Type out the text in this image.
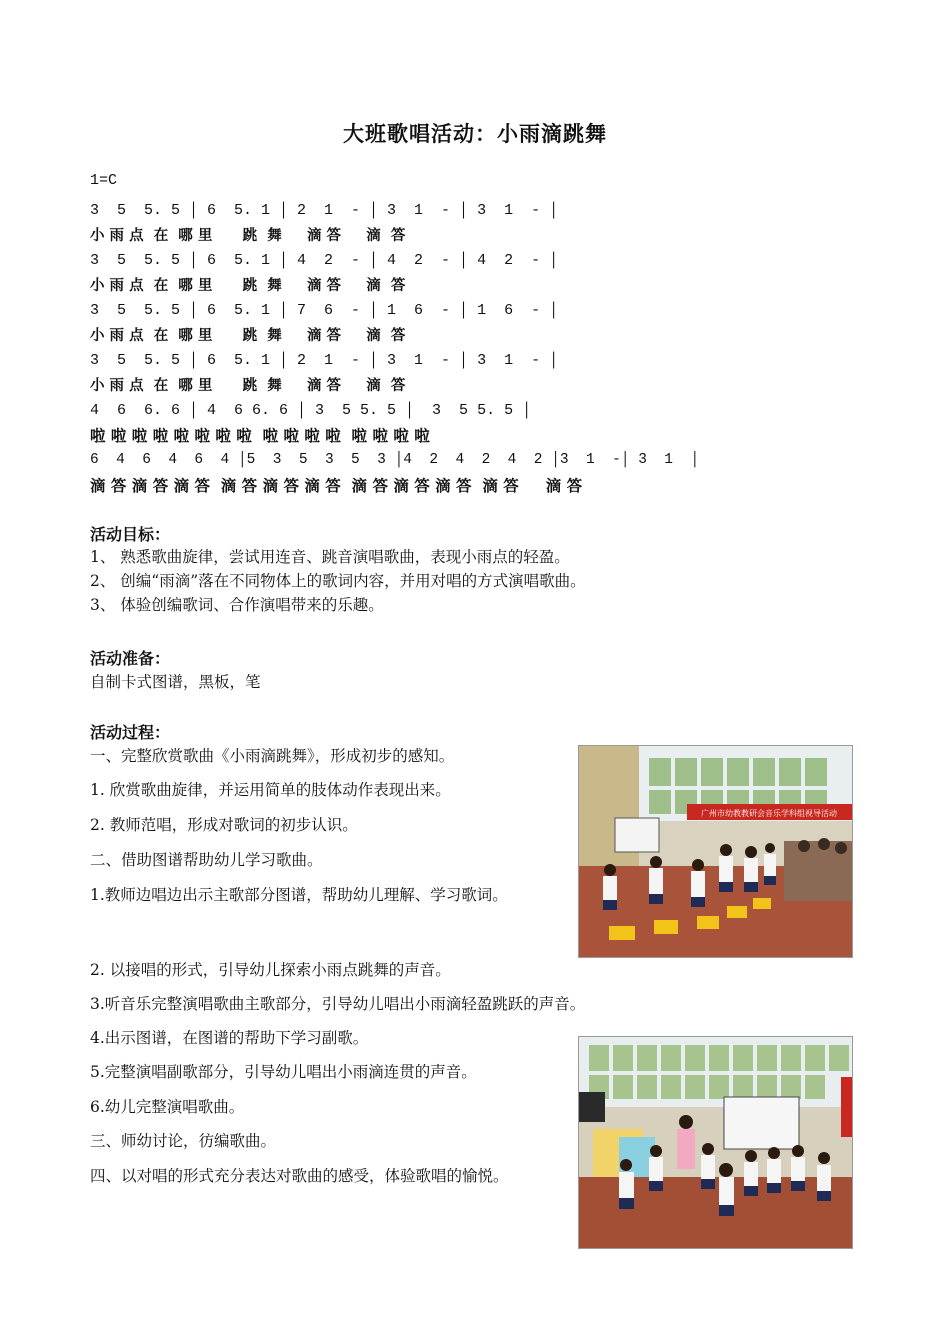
大班歌唱活动：小雨滴跳舞
1=C
3  5  5. 5 │ 6  5. 1 │ 2  1  - │ 3  1  - │ 3  1  - │
小 雨 点  在  哪 里      跳  舞     滴 答     滴  答
3  5  5. 5 │ 6  5. 1 │ 4  2  - │ 4  2  - │ 4  2  - │
小 雨 点  在  哪 里      跳  舞     滴 答     滴  答
3  5  5. 5 │ 6  5. 1 │ 7  6  - │ 1  6  - │ 1  6  - │
小 雨 点  在  哪 里      跳  舞     滴 答     滴  答
3  5  5. 5 │ 6  5. 1 │ 2  1  - │ 3  1  - │ 3  1  - │
小 雨 点  在  哪 里      跳  舞     滴 答     滴  答
4  6  6. 6 │ 4  6 6. 6 │ 3  5 5. 5 │  3  5 5. 5 │
啦 啦 啦 啦 啦 啦 啦 啦  啦 啦 啦 啦  啦 啦 啦 啦
6  4  6  4  6  4 │5  3  5  3  5  3 │4  2  4  2  4  2 │3  1  -│ 3  1  │
滴 答 滴 答 滴 答  滴 答 滴 答 滴 答  滴 答 滴 答 滴 答  滴 答     滴 答
活动目标：
1、 熟悉歌曲旋律，尝试用连音、跳音演唱歌曲，表现小雨点的轻盈。
2、 创编“雨滴”落在不同物体上的歌词内容，并用对唱的方式演唱歌曲。
3、 体验创编歌词、合作演唱带来的乐趣。
活动准备：
自制卡式图谱，黑板，笔
活动过程：
一、完整欣赏歌曲《小雨滴跳舞》，形成初步的感知。
1. 欣赏歌曲旋律，并运用简单的肢体动作表现出来。
2. 教师范唱，形成对歌词的初步认识。
二、借助图谱帮助幼儿学习歌曲。
1.教师边唱边出示主歌部分图谱，帮助幼儿理解、学习歌词。
2. 以接唱的形式，引导幼儿探索小雨点跳舞的声音。
3.听音乐完整演唱歌曲主歌部分，引导幼儿唱出小雨滴轻盈跳跃的声音。
4.出示图谱，在图谱的帮助下学习副歌。
5.完整演唱副歌部分，引导幼儿唱出小雨滴连贯的声音。
6.幼儿完整演唱歌曲。
三、师幼讨论，彷编歌曲。
四、以对唱的形式充分表达对歌曲的感受，体验歌唱的愉悦。
广州市幼教教研会音乐学科组视导活动
